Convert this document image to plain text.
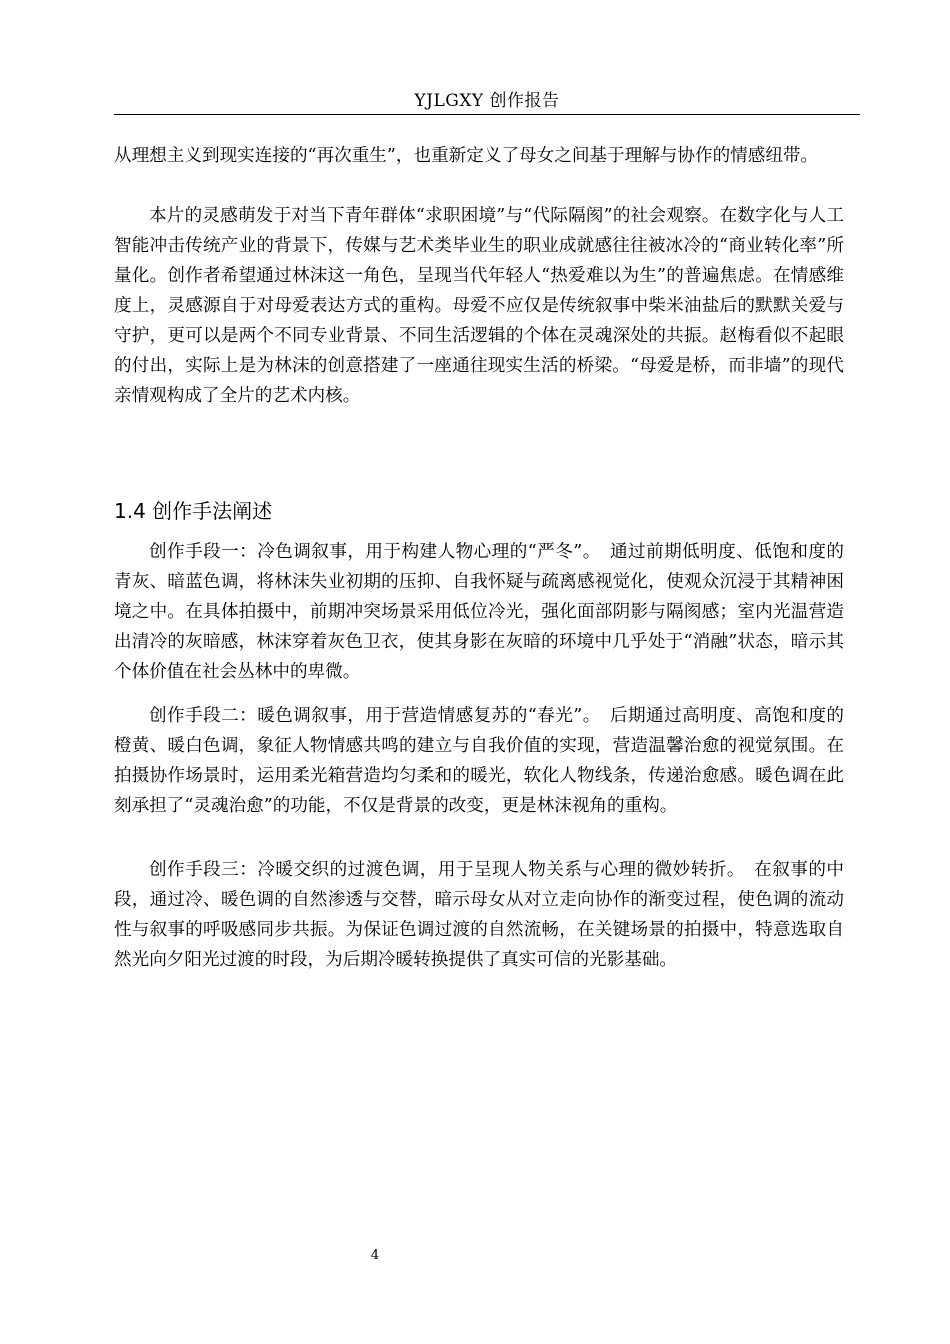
YJLGXY 创作报告

从理想主义到现实连接的“再次重生”，也重新定义了母女之间基于理解与协作的情感纽带。

本片的灵感萌发于对当下青年群体“求职困境”与“代际隔阂”的社会观察。在数字化与人工智能冲击传统产业的背景下，传媒与艺术类毕业生的职业成就感往往被冰冷的“商业转化率”所量化。创作者希望通过林沫这一角色，呈现当代年轻人“热爱难以为生”的普遍焦虑。在情感维度上，灵感源自于对母爱表达方式的重构。母爱不应仅是传统叙事中柴米油盐后的默默关爱与守护，更可以是两个不同专业背景、不同生活逻辑的个体在灵魂深处的共振。赵梅看似不起眼的付出，实际上是为林沫的创意搭建了一座通往现实生活的桥梁。“母爱是桥，而非墙”的现代亲情观构成了全片的艺术内核。

1.4 创作手法阐述

创作手段一：冷色调叙事，用于构建人物心理的“严冬”。　通过前期低明度、低饱和度的青灰、暗蓝色调，将林沫失业初期的压抑、自我怀疑与疏离感视觉化，使观众沉浸于其精神困境之中。在具体拍摄中，前期冲突场景采用低位冷光，强化面部阴影与隔阂感；室内光温营造出清冷的灰暗感，林沫穿着灰色卫衣，使其身影在灰暗的环境中几乎处于“消融”状态，暗示其个体价值在社会丛林中的卑微。

创作手段二：暖色调叙事，用于营造情感复苏的“春光”。　后期通过高明度、高饱和度的橙黄、暖白色调，象征人物情感共鸣的建立与自我价值的实现，营造温馨治愈的视觉氛围。在拍摄协作场景时，运用柔光箱营造均匀柔和的暖光，软化人物线条，传递治愈感。暖色调在此刻承担了“灵魂治愈”的功能，不仅是背景的改变，更是林沫视角的重构。

创作手段三：冷暖交织的过渡色调，用于呈现人物关系与心理的微妙转折。　在叙事的中段，通过冷、暖色调的自然渗透与交替，暗示母女从对立走向协作的渐变过程，使色调的流动性与叙事的呼吸感同步共振。为保证色调过渡的自然流畅，在关键场景的拍摄中，特意选取自然光向夕阳光过渡的时段，为后期冷暖转换提供了真实可信的光影基础。

4
